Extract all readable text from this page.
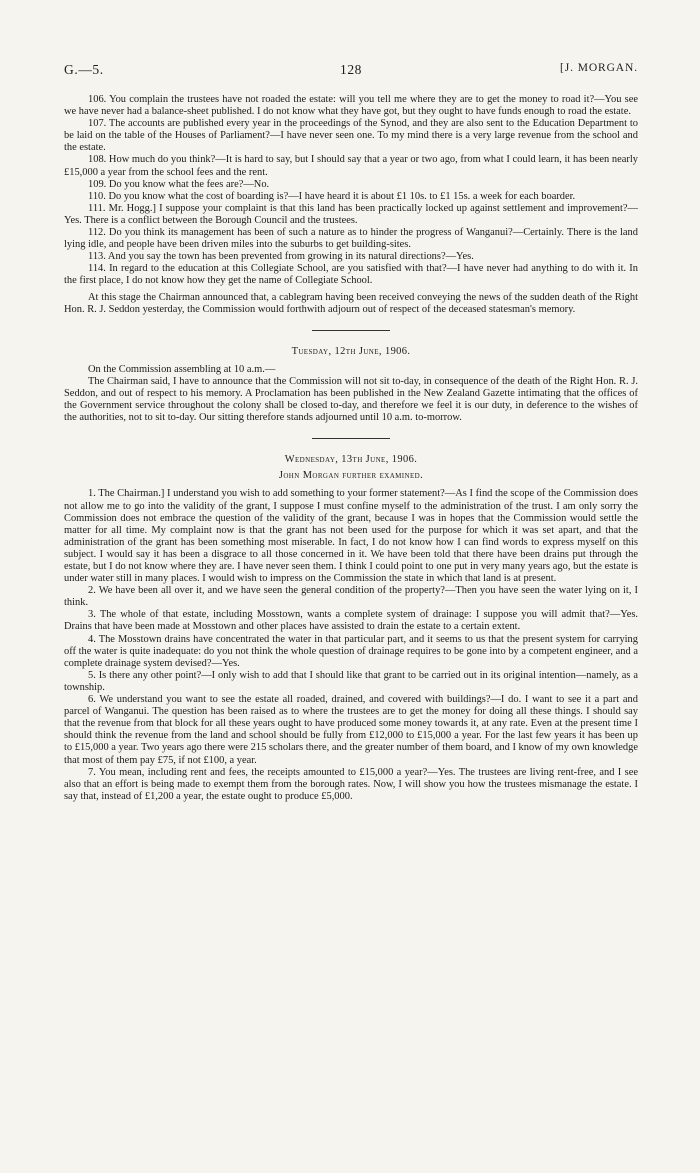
G.—5.	128	[J. MORGAN.

106. You complain the trustees have not roaded the estate: will you tell me where they are to get the money to road it?—You see we have never had a balance-sheet published. I do not know what they have got, but they ought to have funds enough to road the estate.

107. The accounts are published every year in the proceedings of the Synod, and they are also sent to the Education Department to be laid on the table of the Houses of Parliament?—I have never seen one. To my mind there is a very large revenue from the school and the estate.

108. How much do you think?—It is hard to say, but I should say that a year or two ago, from what I could learn, it has been nearly £15,000 a year from the school fees and the rent.

109. Do you know what the fees are?—No.

110. Do you know what the cost of boarding is?—I have heard it is about £1 10s. to £1 15s. a week for each boarder.

111. Mr. Hogg.] I suppose your complaint is that this land has been practically locked up against settlement and improvement?—Yes. There is a conflict between the Borough Council and the trustees.

112. Do you think its management has been of such a nature as to hinder the progress of Wanganui?—Certainly. There is the land lying idle, and people have been driven miles into the suburbs to get building-sites.

113. And you say the town has been prevented from growing in its natural directions?—Yes.

114. In regard to the education at this Collegiate School, are you satisfied with that?—I have never had anything to do with it. In the first place, I do not know how they get the name of Collegiate School.

At this stage the Chairman announced that, a cablegram having been received conveying the news of the sudden death of the Right Hon. R. J. Seddon yesterday, the Commission would forthwith adjourn out of respect of the deceased statesman's memory.

Tuesday, 12th June, 1906.

On the Commission assembling at 10 a.m.—

The Chairman said, I have to announce that the Commission will not sit to-day, in consequence of the death of the Right Hon. R. J. Seddon, and out of respect to his memory. A Proclamation has been published in the New Zealand Gazette intimating that the offices of the Government service throughout the colony shall be closed to-day, and therefore we feel it is our duty, in deference to the wishes of the authorities, not to sit to-day. Our sitting therefore stands adjourned until 10 a.m. to-morrow.

Wednesday, 13th June, 1906.

John Morgan further examined.

1. The Chairman.] I understand you wish to add something to your former statement?—As I find the scope of the Commission does not allow me to go into the validity of the grant, I suppose I must confine myself to the administration of the trust. I am only sorry the Commission does not embrace the question of the validity of the grant, because I was in hopes that the Commission would settle the matter for all time. My complaint now is that the grant has not been used for the purpose for which it was set apart, and that the administration of the grant has been something most miserable. In fact, I do not know how I can find words to express myself on this subject. I would say it has been a disgrace to all those concerned in it. We have been told that there have been drains put through the estate, but I do not know where they are. I have never seen them. I think I could point to one put in very many years ago, but the estate is under water still in many places. I would wish to impress on the Commission the state in which that land is at present.

2. We have been all over it, and we have seen the general condition of the property?—Then you have seen the water lying on it, I think.

3. The whole of that estate, including Mosstown, wants a complete system of drainage: I suppose you will admit that?—Yes. Drains that have been made at Mosstown and other places have assisted to drain the estate to a certain extent.

4. The Mosstown drains have concentrated the water in that particular part, and it seems to us that the present system for carrying off the water is quite inadequate: do you not think the whole question of drainage requires to be gone into by a competent engineer, and a complete drainage system devised?—Yes.

5. Is there any other point?—I only wish to add that I should like that grant to be carried out in its original intention—namely, as a township.

6. We understand you want to see the estate all roaded, drained, and covered with buildings?—I do. I want to see it a part and parcel of Wanganui. The question has been raised as to where the trustees are to get the money for doing all these things. I should say that the revenue from that block for all these years ought to have produced some money towards it, at any rate. Even at the present time I should think the revenue from the land and school should be fully from £12,000 to £15,000 a year. For the last few years it has been up to £15,000 a year. Two years ago there were 215 scholars there, and the greater number of them board, and I know of my own knowledge that most of them pay £75, if not £100, a year.

7. You mean, including rent and fees, the receipts amounted to £15,000 a year?—Yes. The trustees are living rent-free, and I see also that an effort is being made to exempt them from the borough rates. Now, I will show you how the trustees mismanage the estate. I say that, instead of £1,200 a year, the estate ought to produce £5,000.
